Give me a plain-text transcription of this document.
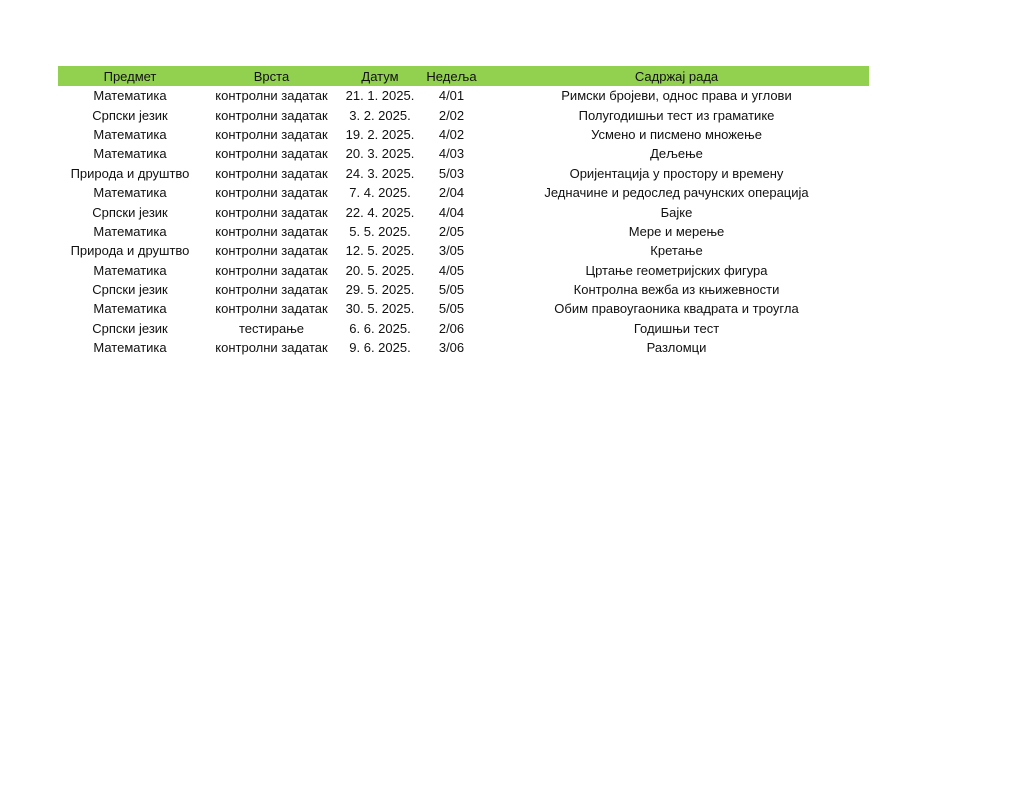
Предмет	Врста	Датум	Недеља	Садржај рада
Математика	контролни задатак	21. 1. 2025.	4/01	Римски бројеви, однос права и углови
Српски језик	контролни задатак	3. 2. 2025.	2/02	Полугодишњи тест из граматике
Математика	контролни задатак	19. 2. 2025.	4/02	Усмено и писмено множење
Математика	контролни задатак	20. 3. 2025.	4/03	Дељење
Природа и друштво	контролни задатак	24. 3. 2025.	5/03	Оријентација у простору и времену
Математика	контролни задатак	7. 4. 2025.	2/04	Једначине и редослед рачунских операција
Српски језик	контролни задатак	22. 4. 2025.	4/04	Бајке
Математика	контролни задатак	5. 5. 2025.	2/05	Мере и мерење
Природа и друштво	контролни задатак	12. 5. 2025.	3/05	Кретање
Математика	контролни задатак	20. 5. 2025.	4/05	Цртање геометријских фигура
Српски језик	контролни задатак	29. 5. 2025.	5/05	Контролна вежба из књижевности
Математика	контролни задатак	30. 5. 2025.	5/05	Обим правоугаоника квадрата и троугла
Српски језик	тестирање	6. 6. 2025.	2/06	Годишњи тест
Математика	контролни задатак	9. 6. 2025.	3/06	Разломци
